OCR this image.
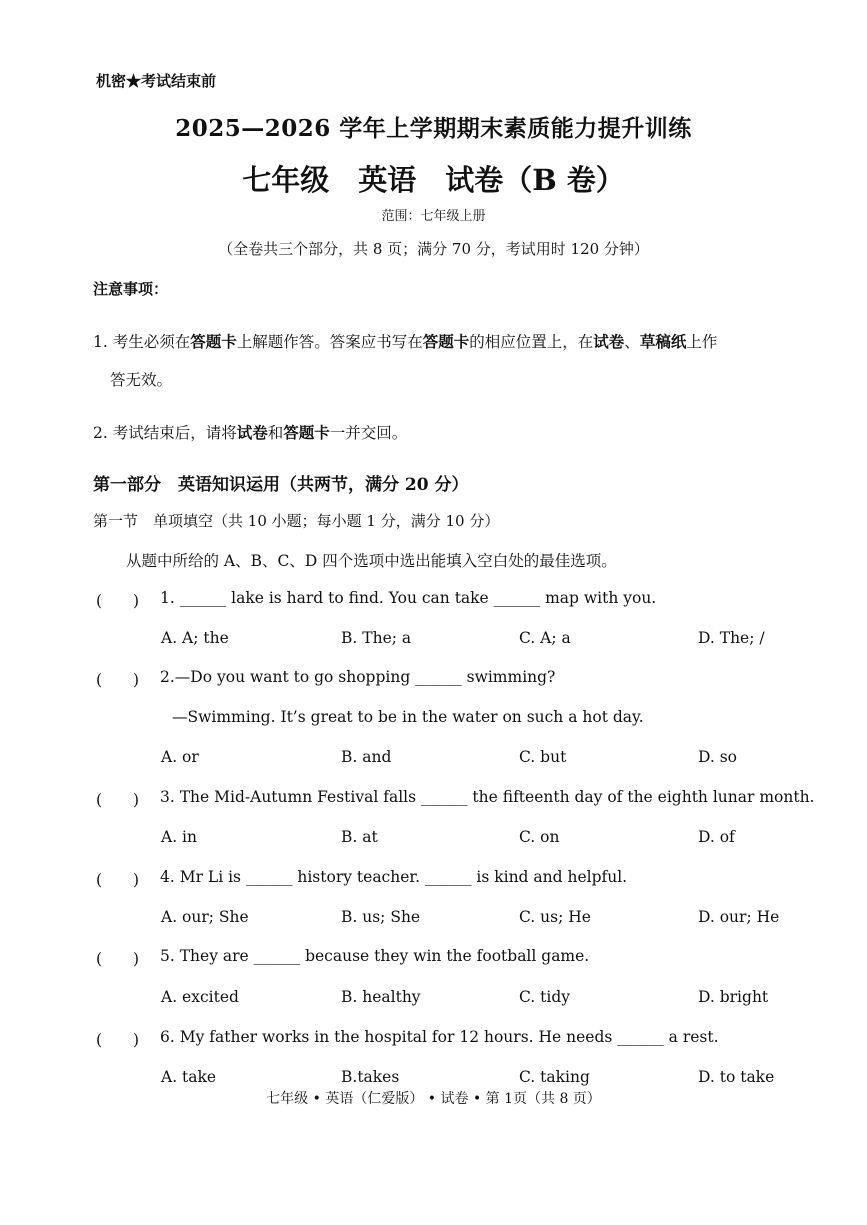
机密★考试结束前
2025—2026 学年上学期期末素质能力提升训练
七年级　英语　试卷（B 卷）
范围：七年级上册
（全卷共三个部分，共 8 页；满分 70 分，考试用时 120 分钟）
注意事项：
1. 考生必须在答题卡上解题作答。答案应书写在答题卡的相应位置上，在试卷、草稿纸上作
答无效。
2. 考试结束后，请将试卷和答题卡一并交回。
第一部分　英语知识运用（共两节，满分 20 分）
第一节　单项填空（共 10 小题；每小题 1 分，满分 10 分）
从题中所给的 A、B、C、D 四个选项中选出能填入空白处的最佳选项。
(　　) 1. ______ lake is hard to find. You can take ______ map with you.
A. A; the	B. The; a	C. A; a	D. The; /
(　　) 2.—Do you want to go shopping ______ swimming?
—Swimming. It’s great to be in the water on such a hot day.
A. or	B. and	C. but	D. so
(　　) 3. The Mid-Autumn Festival falls ______ the fifteenth day of the eighth lunar month.
A. in	B. at	C. on	D. of
(　　) 4. Mr Li is ______ history teacher. ______ is kind and helpful.
A. our; She	B. us; She	C. us; He	D. our; He
(　　) 5. They are ______ because they win the football game.
A. excited	B. healthy	C. tidy	D. bright
(　　) 6. My father works in the hospital for 12 hours. He needs ______ a rest.
A. take	B.takes	C. taking	D. to take
七年级 • 英语（仁爱版） • 试卷 • 第 1页（共 8 页）
